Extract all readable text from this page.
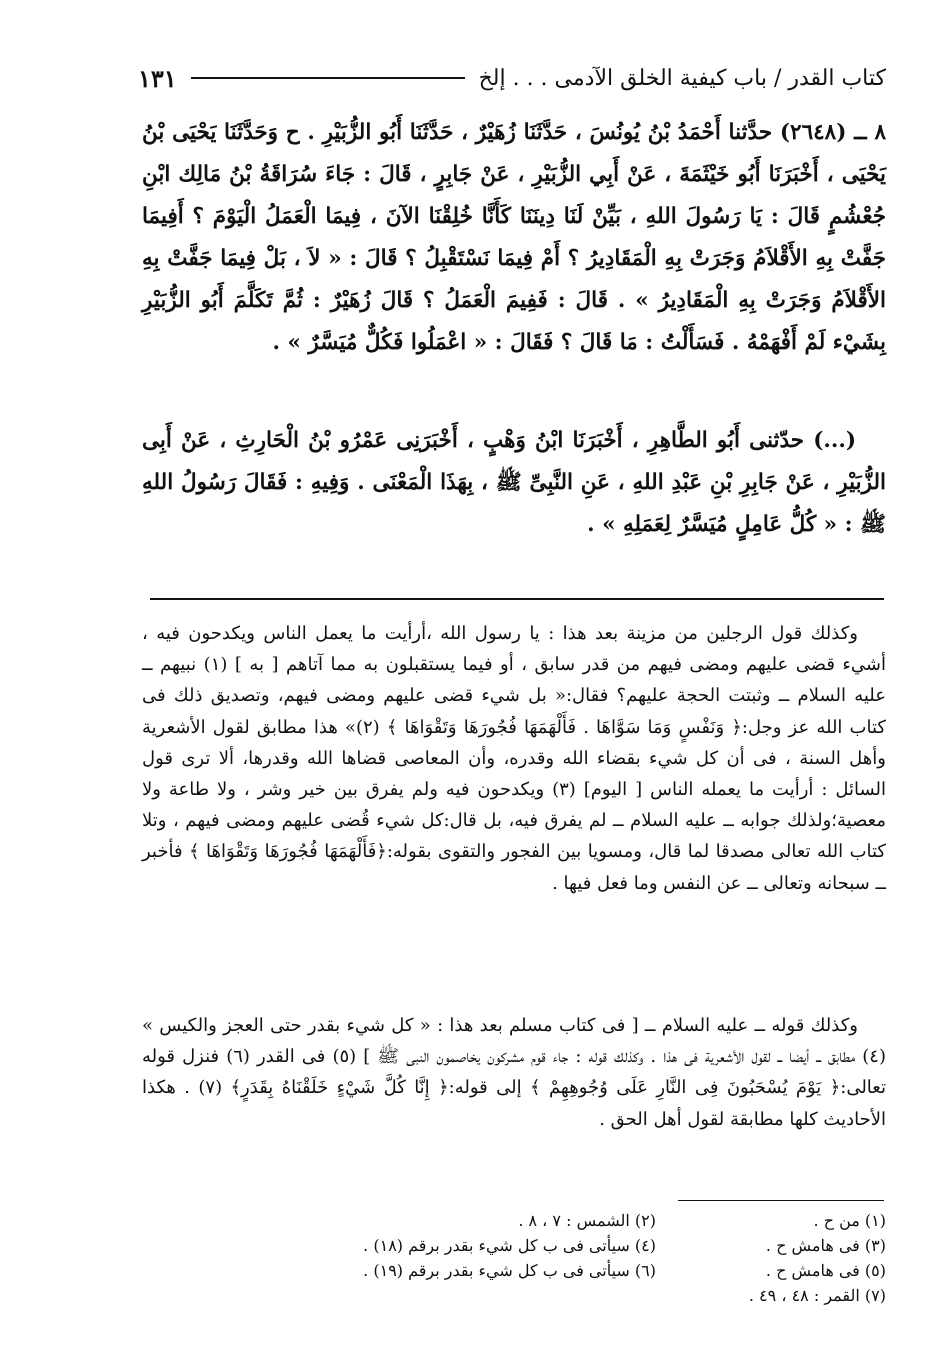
كتاب القدر / باب كيفية الخلق الآدمى . . . إلخ
١٣١

٨ ــ (٢٦٤٨) حدَّثنا أَحْمَدُ بْنُ يُونُسَ ، حَدَّثَنَا زُهَيْرٌ ، حَدَّثَنَا أَبُو الزُّبَيْرِ . ح وَحَدَّثَنَا يَحْيَى بْنُ يَحْيَى ، أَخْبَرَنَا أَبُو خَيْثَمَةَ ، عَنْ أَبِي الزُّبَيْرِ ، عَنْ جَابِرٍ ، قَالَ : جَاءَ سُرَاقَةُ بْنُ مَالِك ابْنِ جُعْشُمٍ قَالَ : يَا رَسُولَ اللهِ ، بَيِّنْ لَنَا دِينَنَا كَأَنَّا خُلِقْنَا الآنَ ، فِيمَا الْعَمَلُ الْيَوْمَ ؟ أَفِيمَا جَفَّتْ بِهِ الأَقْلاَمُ وَجَرَتْ بِهِ الْمَقَادِيرُ ؟ أَمْ فِيمَا نَسْتَقْبِلُ ؟ قَالَ : « لاَ ، بَلْ فِيمَا جَفَّتْ بِهِ الأَقْلاَمُ وَجَرَتْ بِهِ الْمَقَادِيرُ » . قَالَ : فَفِيمَ الْعَمَلُ ؟ قَالَ زُهَيْرٌ : ثُمَّ تَكَلَّمَ أَبُو الزُّبَيْرِ بِشَيْء لَمْ أَفْهَمْهُ . فَسَأَلْتُ : مَا قَالَ ؟ فَقَالَ : « اعْمَلُوا فَكُلٌّ مُيَسَّرٌ » .

(...) حدّثنى أَبُو الطَّاهِرِ ، أَخْبَرَنَا ابْنُ وَهْبٍ ، أَخْبَرَنِى عَمْرُو بْنُ الْحَارِثِ ، عَنْ أَبِى الزُّبَيْرِ ، عَنْ جَابِرِ بْنِ عَبْدِ اللهِ ، عَنِ النَّبِىِّ ﷺ ، بِهَذَا الْمَعْنَى . وَفِيهِ : فَقَالَ رَسُولُ اللهِ ﷺ : « كُلُّ عَامِلٍ مُيَسَّرٌ لِعَمَلِهِ » .

وكذلك قول الرجلين من مزينة بعد هذا : يا رسول الله ،أرأيت ما يعمل الناس ويكدحون فيه ، أشيء قضى عليهم ومضى فيهم من قدر سابق ، أو فيما يستقبلون به مما آتاهم [ به ] (١) نبيهم ــ عليه السلام ــ وثبتت الحجة عليهم؟ فقال:« بل شيء قضى عليهم ومضى فيهم، وتصديق ذلك فى كتاب الله عز وجل:﴿ وَنَفْسٍ وَمَا سَوَّاهَا . فَأَلْهَمَهَا فُجُورَهَا وَتَقْوَاهَا ﴾ (٢)» هذا مطابق لقول الأشعرية وأهل السنة ، فى أن كل شيء بقضاء الله وقدره، وأن المعاصى قضاها الله وقدرها، ألا ترى قول السائل : أرأيت ما يعمله الناس [ اليوم] (٣) ويكدحون فيه ولم يفرق بين خير وشر ، ولا طاعة ولا معصية؛ولذلك جوابه ــ عليه السلام ــ لم يفرق فيه، بل قال:كل شيء قُضى عليهم ومضى فيهم ، وتلا كتاب الله تعالى مصدقا لما قال، ومسويا بين الفجور والتقوى بقوله:﴿فَأَلْهَمَهَا فُجُورَهَا وَتَقْوَاهَا ﴾ فأخبر ــ سبحانه وتعالى ــ عن النفس وما فعل فيها .

وكذلك قوله ــ عليه السلام ــ [ فى كتاب مسلم بعد هذا : « كل شيء بقدر حتى العجز والكيس » (٤) مطابق ــ أيضا ــ لقول الأشعرية فى هذا . وكذلك قوله : جاء قوم مشركون يخاصمون النبى ﷺ ] (٥) فى القدر (٦) فنزل قوله تعالى:﴿ يَوْمَ يُسْحَبُونَ فِى النَّارِ عَلَى وُجُوهِهِمْ ﴾ إلى قوله:﴿ إِنَّا كُلَّ شَيْءٍ خَلَقْنَاهُ بِقَدَرٍ﴾ (٧) . هكذا الأحاديث كلها مطابقة لقول أهل الحق .

(١) من ح .
(٢) الشمس : ٧ ، ٨ .
(٣) فى هامش ح .
(٤) سيأتى فى ب كل شيء بقدر برقم (١٨) .
(٥) فى هامش ح .
(٦) سيأتى فى ب كل شيء بقدر برقم (١٩) .
(٧) القمر : ٤٨ ، ٤٩ .
